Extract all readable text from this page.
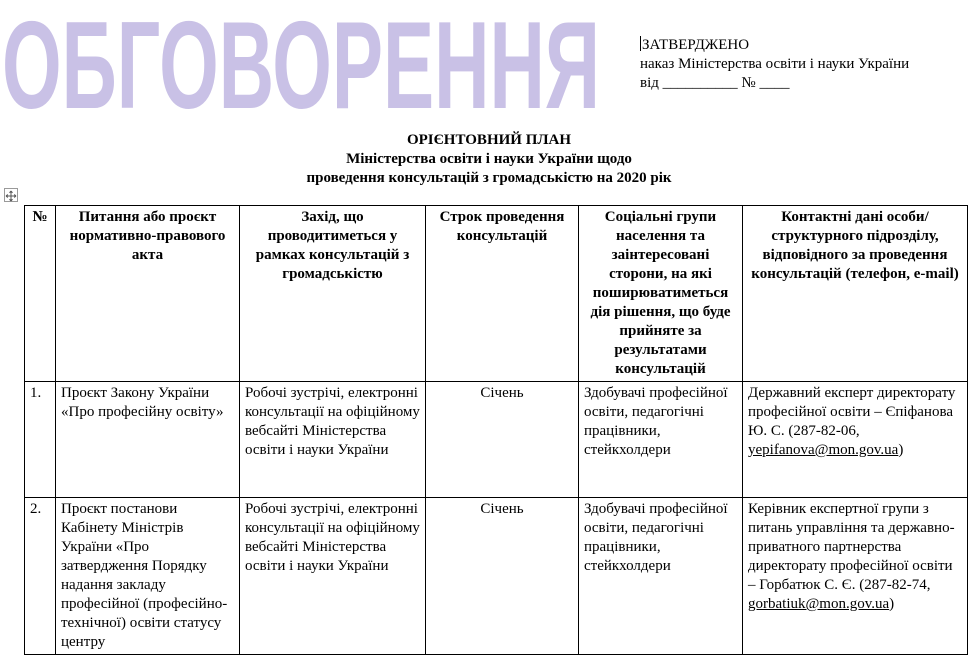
ОБГОВОРЕННЯ	ЗАТВЕРДЖЕНО
наказ Міністерства освіти і науки України
від __________ № ____
ОРІЄНТОВНИЙ ПЛАН
Міністерства освіти і науки України щодо
проведення консультацій з громадськістю на 2020 рік
№	Питання або проєкт нормативно-правового акта	Захід, що проводитиметься у рамках консультацій з громадськістю	Строк проведення консультацій	Соціальні групи населення та заінтересовані сторони, на які поширюватиметься дія рішення, що буде прийняте за результатами консультацій	Контактні дані особи/структурного підрозділу, відповідного за проведення консультацій (телефон, e-mail)
1.	Проєкт Закону України «Про професійну освіту»	Робочі зустрічі, електронні консультації на офіційному вебсайті Міністерства освіти і науки України	Січень	Здобувачі професійної освіти, педагогічні працівники, стейкхолдери	Державний експерт директорату професійної освіти – Єпіфанова Ю. С. (287-82-06, yepifanova@mon.gov.ua)
2.	Проєкт постанови Кабінету Міністрів України «Про затвердження Порядку надання закладу професійної (професійно-технічної) освіти статусу центру	Робочі зустрічі, електронні консультації на офіційному вебсайті Міністерства освіти і науки України	Січень	Здобувачі професійної освіти, педагогічні працівники, стейкхолдери	Керівник експертної групи з питань управління та державно-приватного партнерства директорату професійної освіти – Горбатюк С. Є. (287-82-74, gorbatiuk@mon.gov.ua)
